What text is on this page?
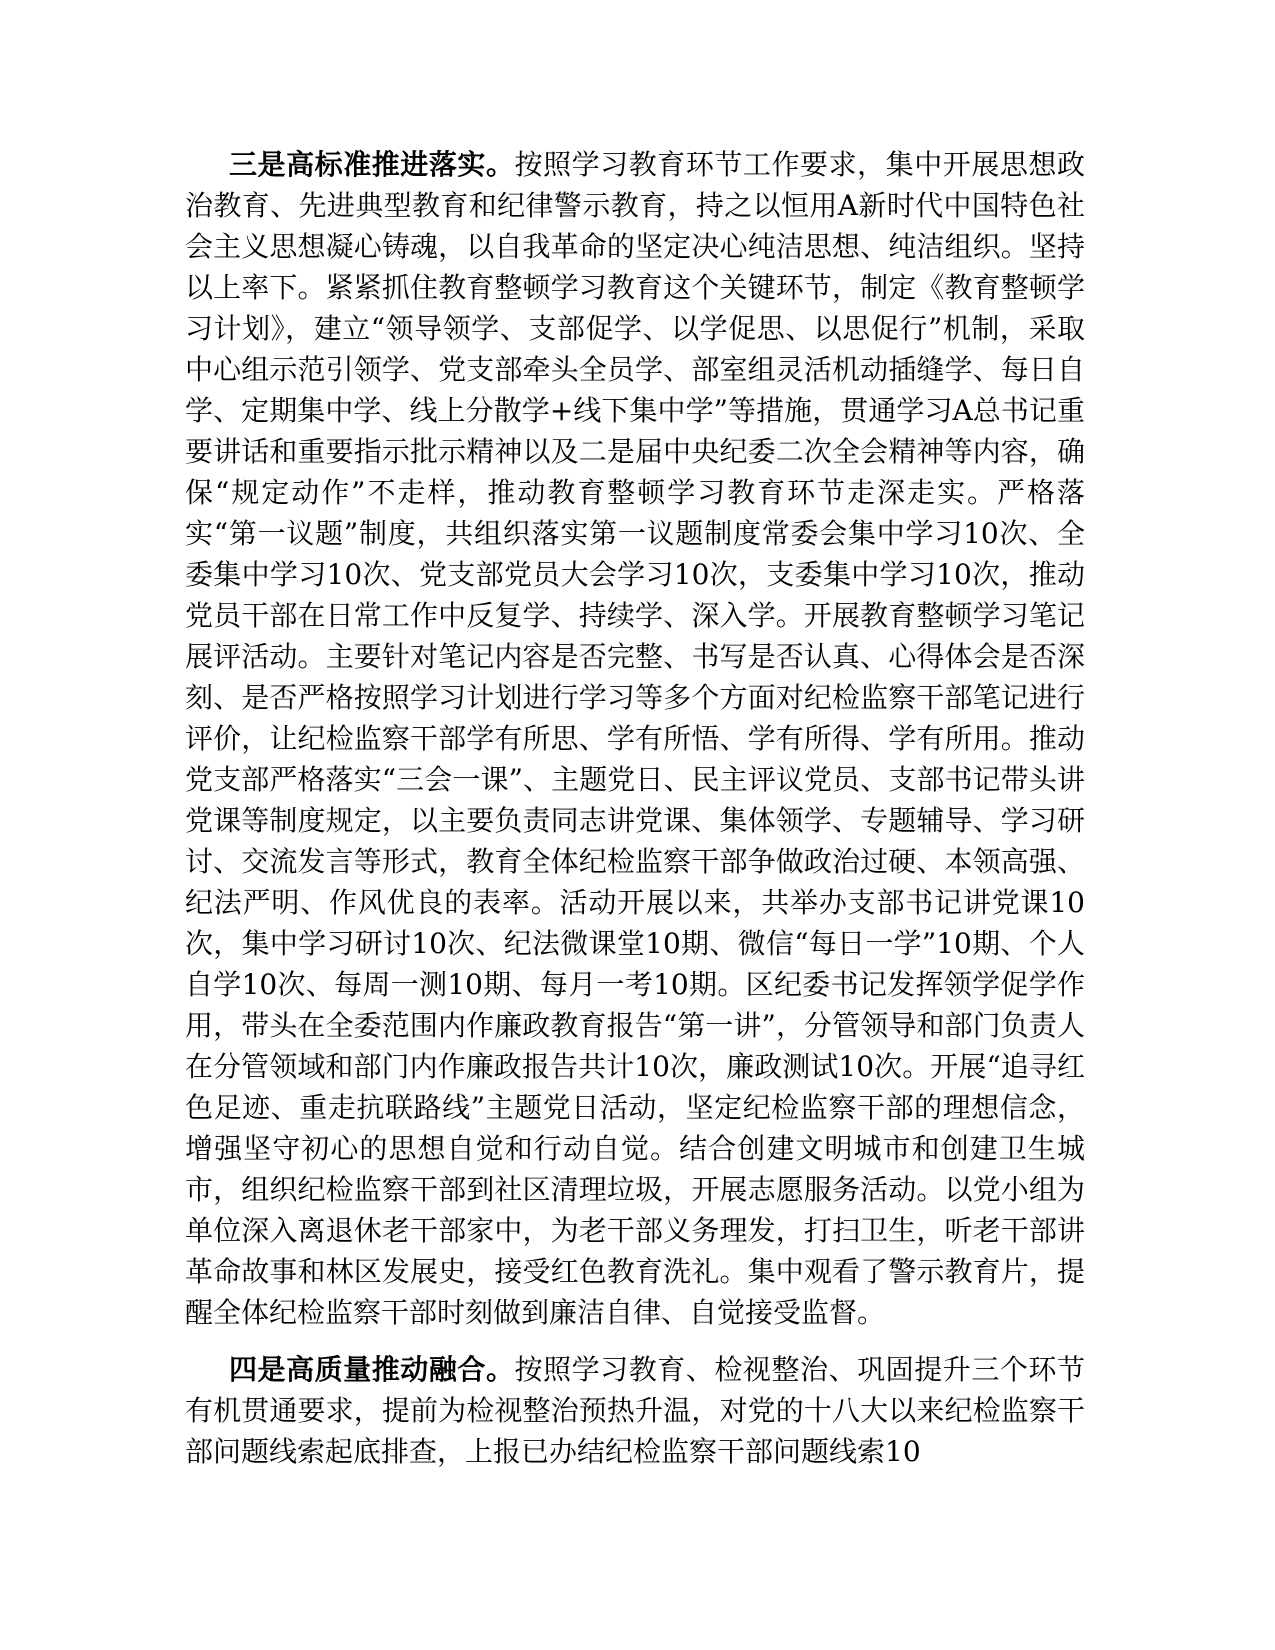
三是高标准推进落实。按照学习教育环节工作要求，集中开展思想政治教育、先进典型教育和纪律警示教育，持之以恒用A新时代中国特色社会主义思想凝心铸魂，以自我革命的坚定决心纯洁思想、纯洁组织。坚持以上率下。紧紧抓住教育整顿学习教育这个关键环节，制定《教育整顿学习计划》，建立“领导领学、支部促学、以学促思、以思促行”机制，采取中心组示范引领学、党支部牵头全员学、部室组灵活机动插缝学、每日自学、定期集中学、线上分散学+线下集中学”等措施，贯通学习A总书记重要讲话和重要指示批示精神以及二是届中央纪委二次全会精神等内容，确保“规定动作”不走样，推动教育整顿学习教育环节走深走实。严格落实“第一议题”制度，共组织落实第一议题制度常委会集中学习10次、全委集中学习10次、党支部党员大会学习10次，支委集中学习10次，推动党员干部在日常工作中反复学、持续学、深入学。开展教育整顿学习笔记展评活动。主要针对笔记内容是否完整、书写是否认真、心得体会是否深刻、是否严格按照学习计划进行学习等多个方面对纪检监察干部笔记进行评价，让纪检监察干部学有所思、学有所悟、学有所得、学有所用。推动党支部严格落实“三会一课”、主题党日、民主评议党员、支部书记带头讲党课等制度规定，以主要负责同志讲党课、集体领学、专题辅导、学习研讨、交流发言等形式，教育全体纪检监察干部争做政治过硬、本领高强、纪法严明、作风优良的表率。活动开展以来，共举办支部书记讲党课10次，集中学习研讨10次、纪法微课堂10期、微信“每日一学”10期、个人自学10次、每周一测10期、每月一考10期。区纪委书记发挥领学促学作用，带头在全委范围内作廉政教育报告“第一讲”，分管领导和部门负责人在分管领域和部门内作廉政报告共计10次，廉政测试10次。开展“追寻红色足迹、重走抗联路线”主题党日活动，坚定纪检监察干部的理想信念，增强坚守初心的思想自觉和行动自觉。结合创建文明城市和创建卫生城市，组织纪检监察干部到社区清理垃圾，开展志愿服务活动。以党小组为单位深入离退休老干部家中，为老干部义务理发，打扫卫生，听老干部讲革命故事和林区发展史，接受红色教育洗礼。集中观看了警示教育片，提醒全体纪检监察干部时刻做到廉洁自律、自觉接受监督。

四是高质量推动融合。按照学习教育、检视整治、巩固提升三个环节有机贯通要求，提前为检视整治预热升温，对党的十八大以来纪检监察干部问题线索起底排查，上报已办结纪检监察干部问题线索10
